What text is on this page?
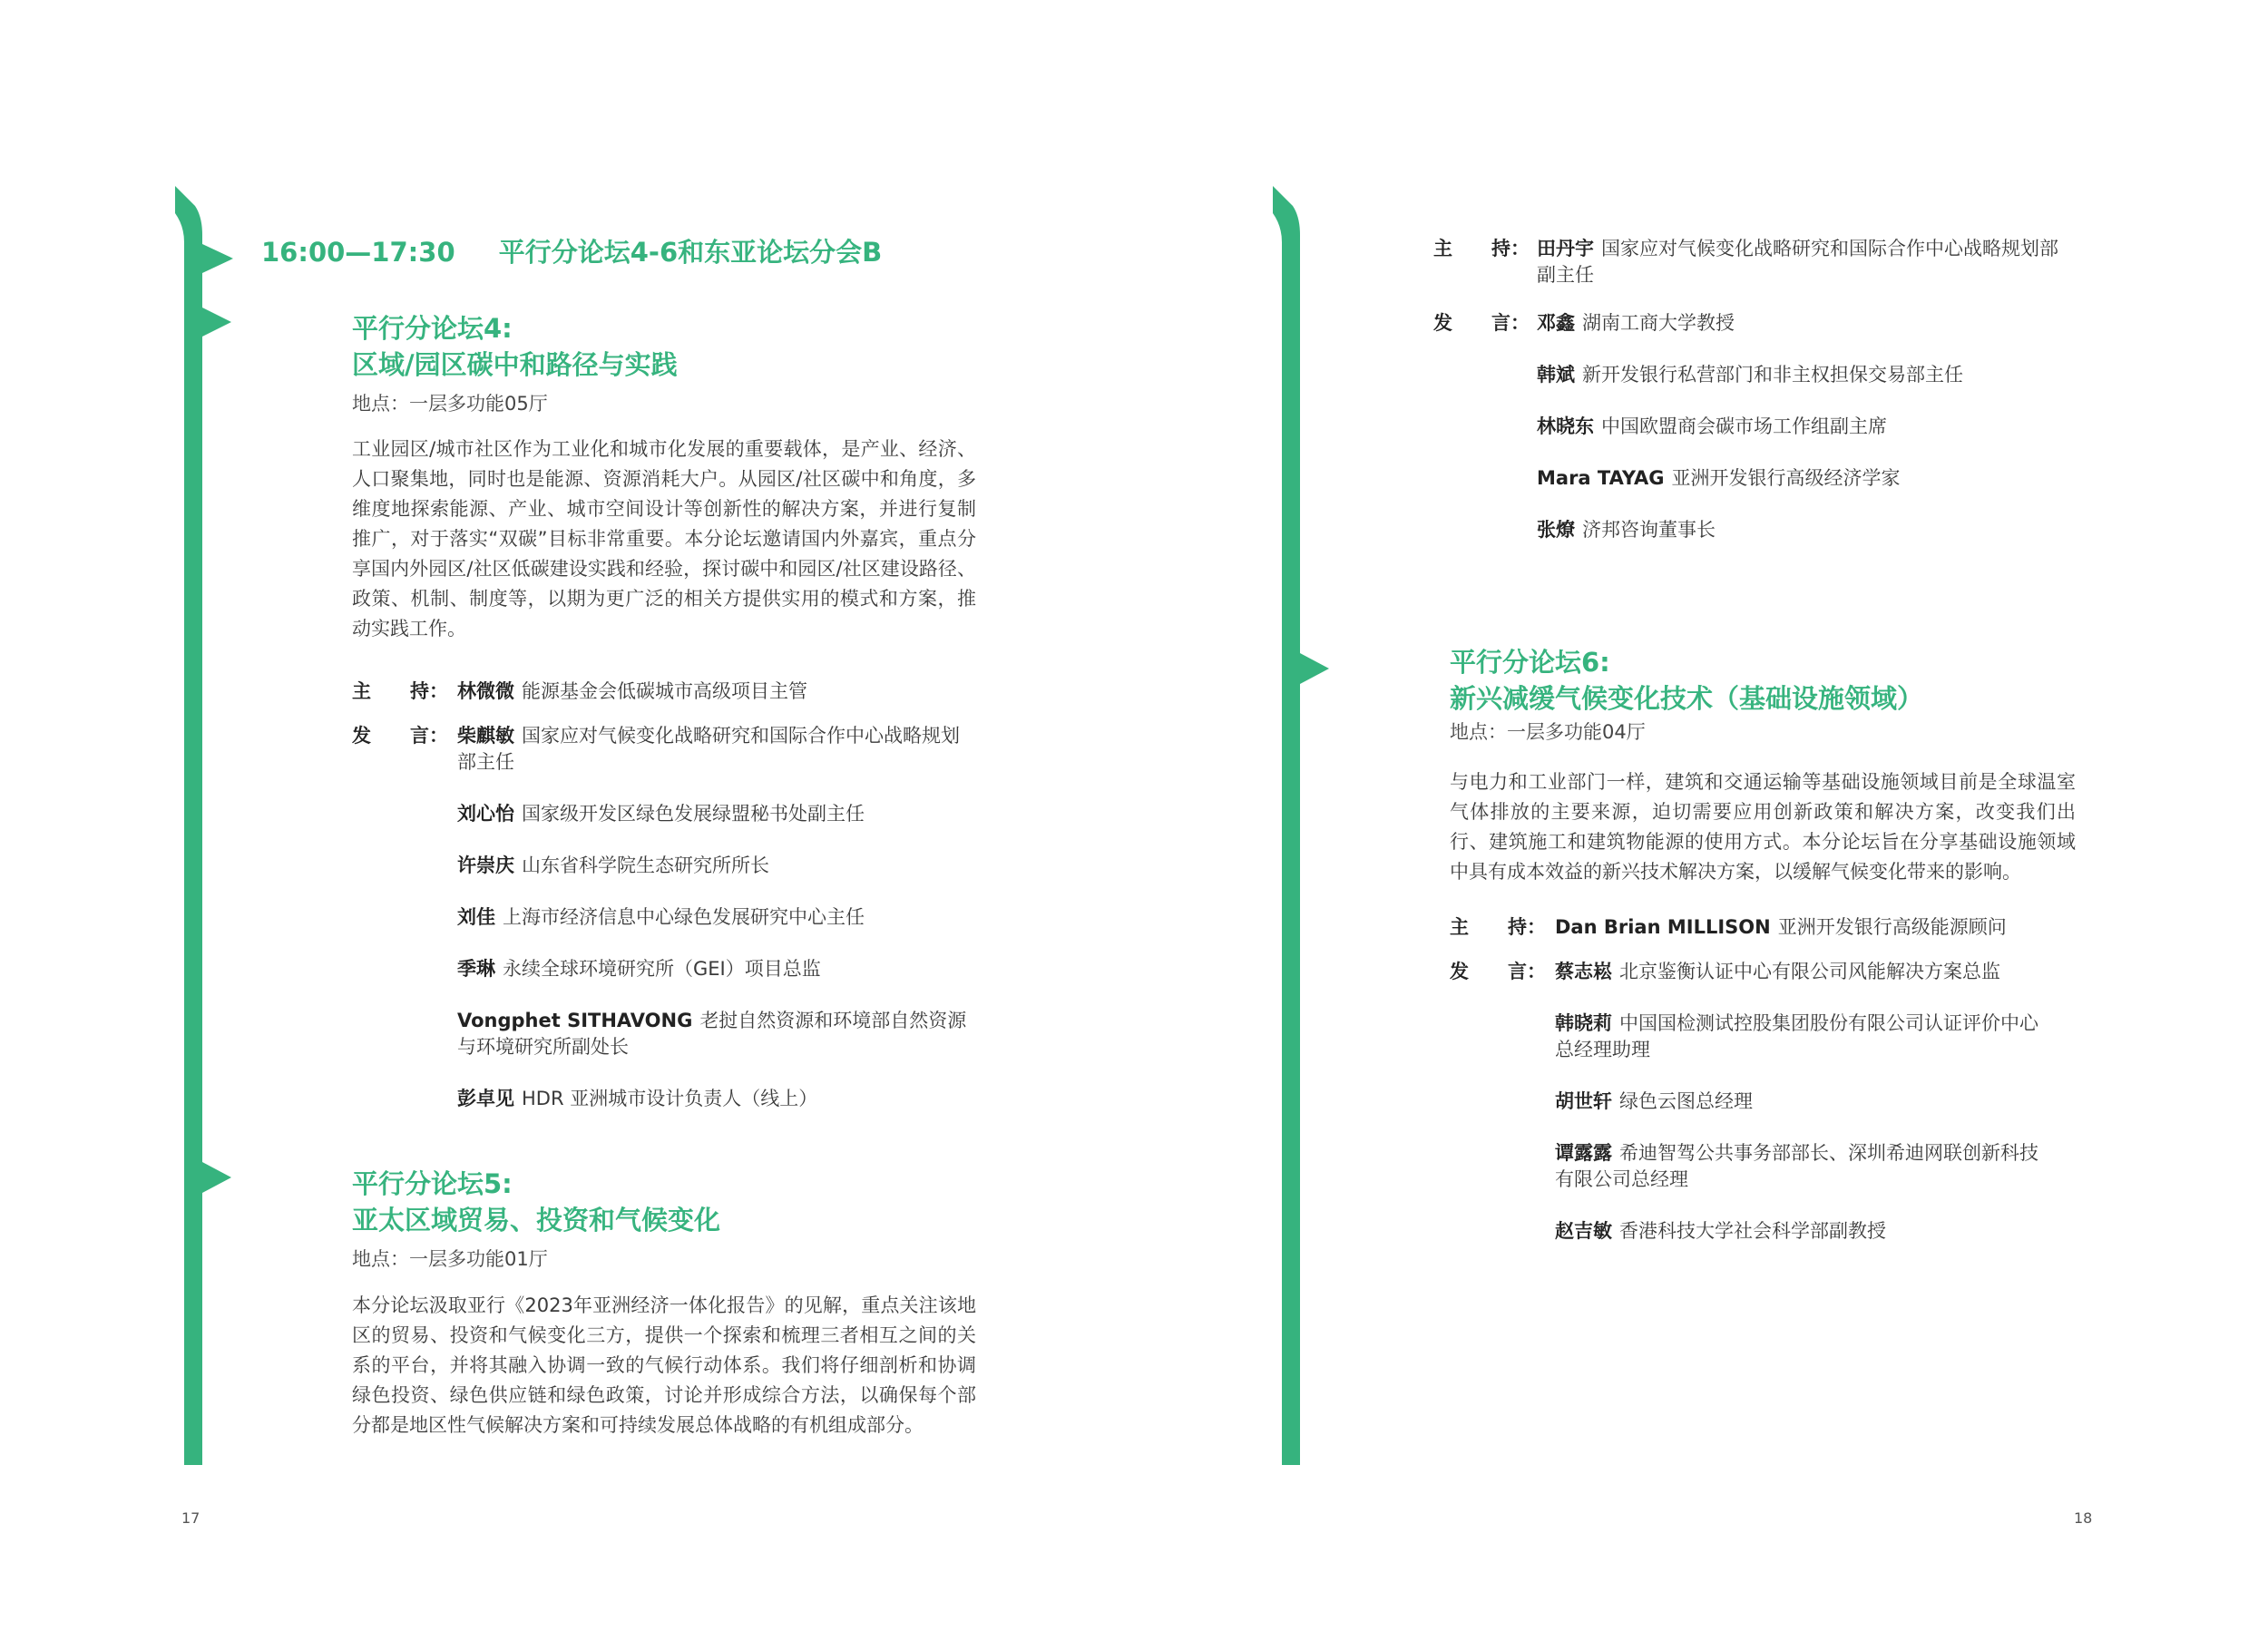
16:00—17:30 平行分论坛4-6和东亚论坛分会B
平行分论坛4:
区域/园区碳中和路径与实践
地点：一层多功能05厅
工业园区/城市社区作为工业化和城市化发展的重要载体，是产业、经济、人口聚集地，同时也是能源、资源消耗大户。从园区/社区碳中和角度，多维度地探索能源、产业、城市空间设计等创新性的解决方案，并进行复制推广，对于落实“双碳”目标非常重要。本分论坛邀请国内外嘉宾，重点分享国内外园区/社区低碳建设实践和经验，探讨碳中和园区/社区建设路径、政策、机制、制度等，以期为更广泛的相关方提供实用的模式和方案，推动实践工作。
主 持： 林微微 能源基金会低碳城市高级项目主管
发 言： 柴麒敏 国家应对气候变化战略研究和国际合作中心战略规划部主任
刘心怡 国家级开发区绿色发展绿盟秘书处副主任
许崇庆 山东省科学院生态研究所所长
刘佳 上海市经济信息中心绿色发展研究中心主任
季琳 永续全球环境研究所（GEI）项目总监
Vongphet SITHAVONG 老挝自然资源和环境部自然资源与环境研究所副处长
彭卓见 HDR 亚洲城市设计负责人（线上）
平行分论坛5:
亚太区域贸易、投资和气候变化
地点：一层多功能01厅
本分论坛汲取亚行《2023年亚洲经济一体化报告》的见解，重点关注该地区的贸易、投资和气候变化三方，提供一个探索和梳理三者相互之间的关系的平台，并将其融入协调一致的气候行动体系。我们将仔细剖析和协调绿色投资、绿色供应链和绿色政策，讨论并形成综合方法，以确保每个部分都是地区性气候解决方案和可持续发展总体战略的有机组成部分。
17
主 持： 田丹宇 国家应对气候变化战略研究和国际合作中心战略规划部副主任
发 言： 邓鑫 湖南工商大学教授
韩斌 新开发银行私营部门和非主权担保交易部主任
林晓东 中国欧盟商会碳市场工作组副主席
Mara TAYAG 亚洲开发银行高级经济学家
张燎 济邦咨询董事长
平行分论坛6:
新兴减缓气候变化技术（基础设施领域）
地点：一层多功能04厅
与电力和工业部门一样，建筑和交通运输等基础设施领域目前是全球温室气体排放的主要来源，迫切需要应用创新政策和解决方案，改变我们出行、建筑施工和建筑物能源的使用方式。本分论坛旨在分享基础设施领域中具有成本效益的新兴技术解决方案，以缓解气候变化带来的影响。
主 持： Dan Brian MILLISON 亚洲开发银行高级能源顾问
发 言： 蔡志崧 北京鉴衡认证中心有限公司风能解决方案总监
韩晓莉 中国国检测试控股集团股份有限公司认证评价中心总经理助理
胡世轩 绿色云图总经理
谭露露 希迪智驾公共事务部部长、深圳希迪网联创新科技有限公司总经理
赵吉敏 香港科技大学社会科学部副教授
18
